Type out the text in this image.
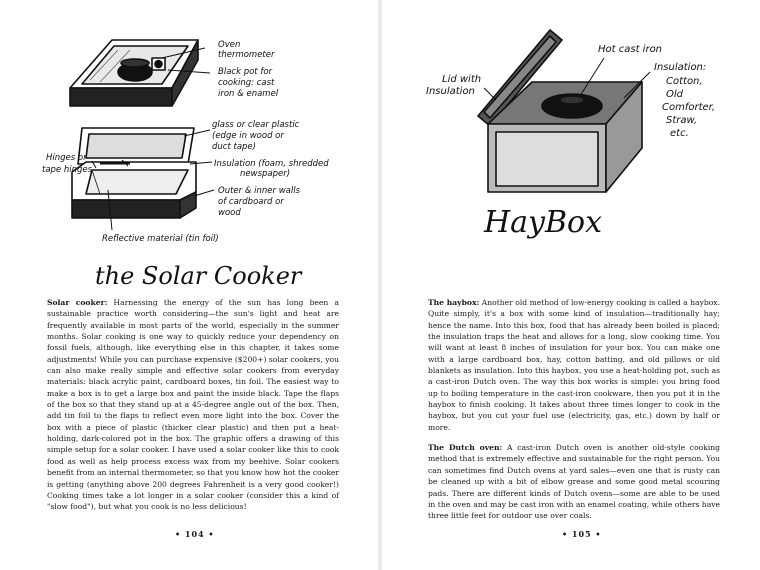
Oven
thermometer
Black pot for
cooking: cast
iron & enamel
glass or clear plastic
(edge in wood or
duct tape)
Hinges or
tape hinges
Insulation (foam, shredded
newspaper)
Outer & inner walls
of cardboard or
wood
Reflective material (tin foil)
the Solar Cooker

Solar cooker: Harnessing the energy of the sun has long been a sustainable practice worth considering—the sun's light and heat are frequently available in most parts of the world, especially in the summer months. Solar cooking is one way to quickly reduce your dependency on fossil fuels, although, like everything else in this chapter, it takes some adjustments! While you can purchase expensive ($200+) solar cookers, you can also make really simple and effective solar cookers from everyday materials: black acrylic paint, cardboard boxes, tin foil. The easiest way to make a box is to get a large box and paint the inside black. Tape the flaps of the box so that they stand up at a 45-degree angle out of the box. Then, add tin foil to the flaps to reflect even more light into the box. Cover the box with a piece of plastic (thicker clear plastic) and then put a heat-holding, dark-colored pot in the box. The graphic offers a drawing of this simple setup for a solar cooker. I have used a solar cooker like this to cook food as well as help process excess wax from my beehive. Solar cookers benefit from an internal thermometer, so that you know how hot the cooker is getting (anything above 200 degrees Fahrenheit is a very good cooker!) Cooking times take a lot longer in a solar cooker (consider this a kind of "slow food"), but what you cook is no less delicious!

• 104 •
Lid with
Insulation
Hot cast iron
Insulation:
Cotton,
Old
Comforter,
Straw,
etc.
HayBox

The haybox: Another old method of low-energy cooking is called a haybox. Quite simply, it's a box with some kind of insulation—traditionally hay; hence the name. Into this box, food that has already been boiled is placed; the insulation traps the heat and allows for a long, slow cooking time. You will want at least 8 inches of insulation for your box. You can make one with a large cardboard box, hay, cotton batting, and old pillows or old blankets as insulation. Into this haybox, you use a heat-holding pot, such as a cast-iron Dutch oven. The way this box works is simple: you bring food up to boiling temperature in the cast-iron cookware, then you put it in the haybox to finish cooking. It takes about three times longer to cook in the haybox, but you cut your fuel use (electricity, gas, etc.) down by half or more.

The Dutch oven: A cast-iron Dutch oven is another old-style cooking method that is extremely effective and sustainable for the right person. You can sometimes find Dutch ovens at yard sales—even one that is rusty can be cleaned up with a bit of elbow grease and some good metal scouring pads. There are different kinds of Dutch ovens—some are able to be used in the oven and may be cast iron with an enamel coating, while others have three little feet for outdoor use over coals.

• 105 •
